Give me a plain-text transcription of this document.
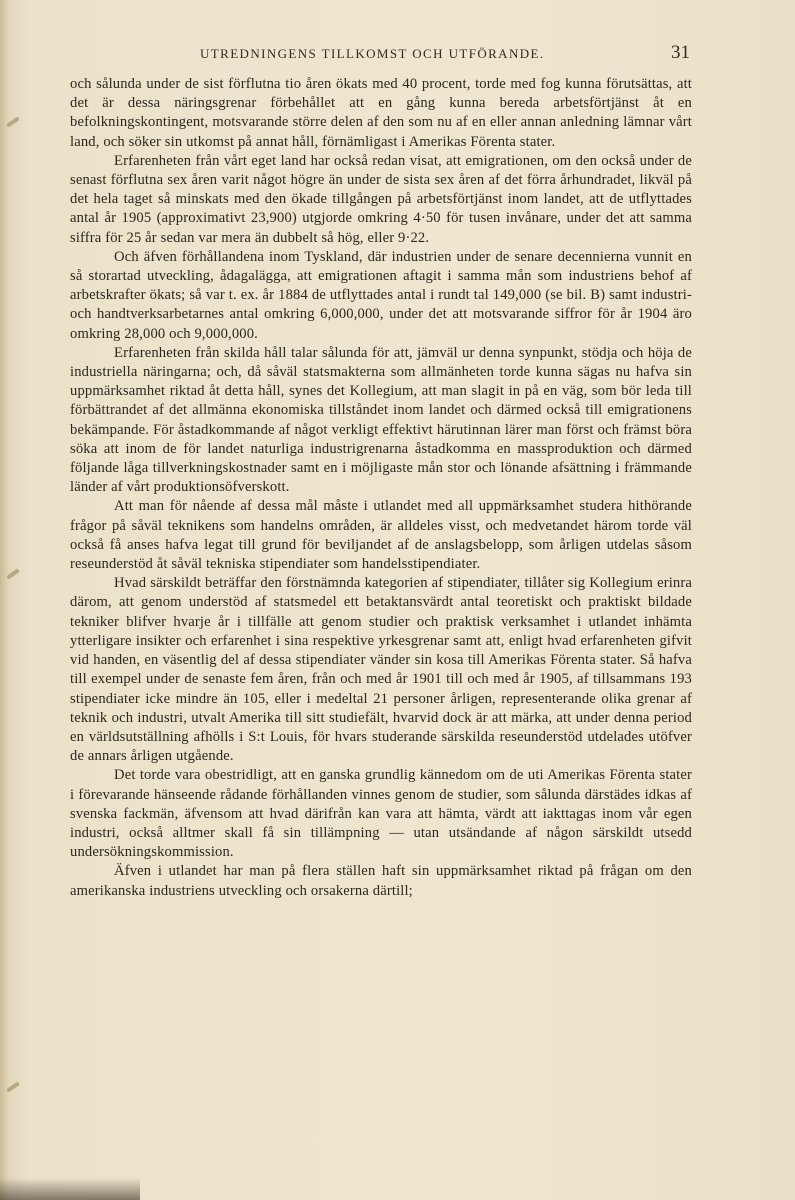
UTREDNINGENS TILLKOMST OCH UTFÖRANDE.	31

och sålunda under de sist förflutna tio åren ökats med 40 procent, torde med fog kunna förutsättas, att det är dessa näringsgrenar förbehållet att en gång kunna bereda arbetsförtjänst åt en befolkningskontingent, motsvarande större delen af den som nu af en eller annan anledning lämnar vårt land, och söker sin utkomst på annat håll, förnämligast i Amerikas Förenta stater.

Erfarenheten från vårt eget land har också redan visat, att emigrationen, om den också under de senast förflutna sex åren varit något högre än under de sista sex åren af det förra århundradet, likväl på det hela taget så minskats med den ökade tillgången på arbetsförtjänst inom landet, att de utflyttades antal år 1905 (approximativt 23,900) utgjorde omkring 4·50 för tusen invånare, under det att samma siffra för 25 år sedan var mera än dubbelt så hög, eller 9·22.

Och äfven förhållandena inom Tyskland, där industrien under de senare decennierna vunnit en så storartad utveckling, ådagalägga, att emigrationen aftagit i samma mån som industriens behof af arbetskrafter ökats; så var t. ex. år 1884 de utflyttades antal i rundt tal 149,000 (se bil. B) samt industri- och handtverksarbetarnes antal omkring 6,000,000, under det att motsvarande siffror för år 1904 äro omkring 28,000 och 9,000,000.

Erfarenheten från skilda håll talar sålunda för att, jämväl ur denna synpunkt, stödja och höja de industriella näringarna; och, då såväl statsmakterna som allmänheten torde kunna sägas nu hafva sin uppmärksamhet riktad åt detta håll, synes det Kollegium, att man slagit in på en väg, som bör leda till förbättrandet af det allmänna ekonomiska tillståndet inom landet och därmed också till emigrationens bekämpande. För åstadkommande af något verkligt effektivt härutinnan lärer man först och främst böra söka att inom de för landet naturliga industrigrenarna åstadkomma en massproduktion och därmed följande låga tillverkningskostnader samt en i möjligaste mån stor och lönande afsättning i främmande länder af vårt produktionsöfverskott.

Att man för nående af dessa mål måste i utlandet med all uppmärksamhet studera hithörande frågor på såväl teknikens som handelns områden, är alldeles visst, och medvetandet härom torde väl också få anses hafva legat till grund för beviljandet af de anslagsbelopp, som årligen utdelas såsom reseunderstöd åt såväl tekniska stipendiater som handelsstipendiater.

Hvad särskildt beträffar den förstnämnda kategorien af stipendiater, tillåter sig Kollegium erinra därom, att genom understöd af statsmedel ett betaktansvärdt antal teoretiskt och praktiskt bildade tekniker blifver hvarje år i tillfälle att genom studier och praktisk verksamhet i utlandet inhämta ytterligare insikter och erfarenhet i sina respektive yrkesgrenar samt att, enligt hvad erfarenheten gifvit vid handen, en väsentlig del af dessa stipendiater vänder sin kosa till Amerikas Förenta stater. Så hafva till exempel under de senaste fem åren, från och med år 1901 till och med år 1905, af tillsammans 193 stipendiater icke mindre än 105, eller i medeltal 21 personer årligen, representerande olika grenar af teknik och industri, utvalt Amerika till sitt studiefält, hvarvid dock är att märka, att under denna period en världsutställning afhölls i S:t Louis, för hvars studerande särskilda reseunderstöd utdelades utöfver de annars årligen utgående.

Det torde vara obestridligt, att en ganska grundlig kännedom om de uti Amerikas Förenta stater i förevarande hänseende rådande förhållanden vinnes genom de studier, som sålunda därstädes idkas af svenska fackmän, äfvensom att hvad därifrån kan vara att hämta, värdt att iakttagas inom vår egen industri, också alltmer skall få sin tillämpning — utan utsändande af någon särskildt utsedd undersökningskommission.

Äfven i utlandet har man på flera ställen haft sin uppmärksamhet riktad på frågan om den amerikanska industriens utveckling och orsakerna därtill;
